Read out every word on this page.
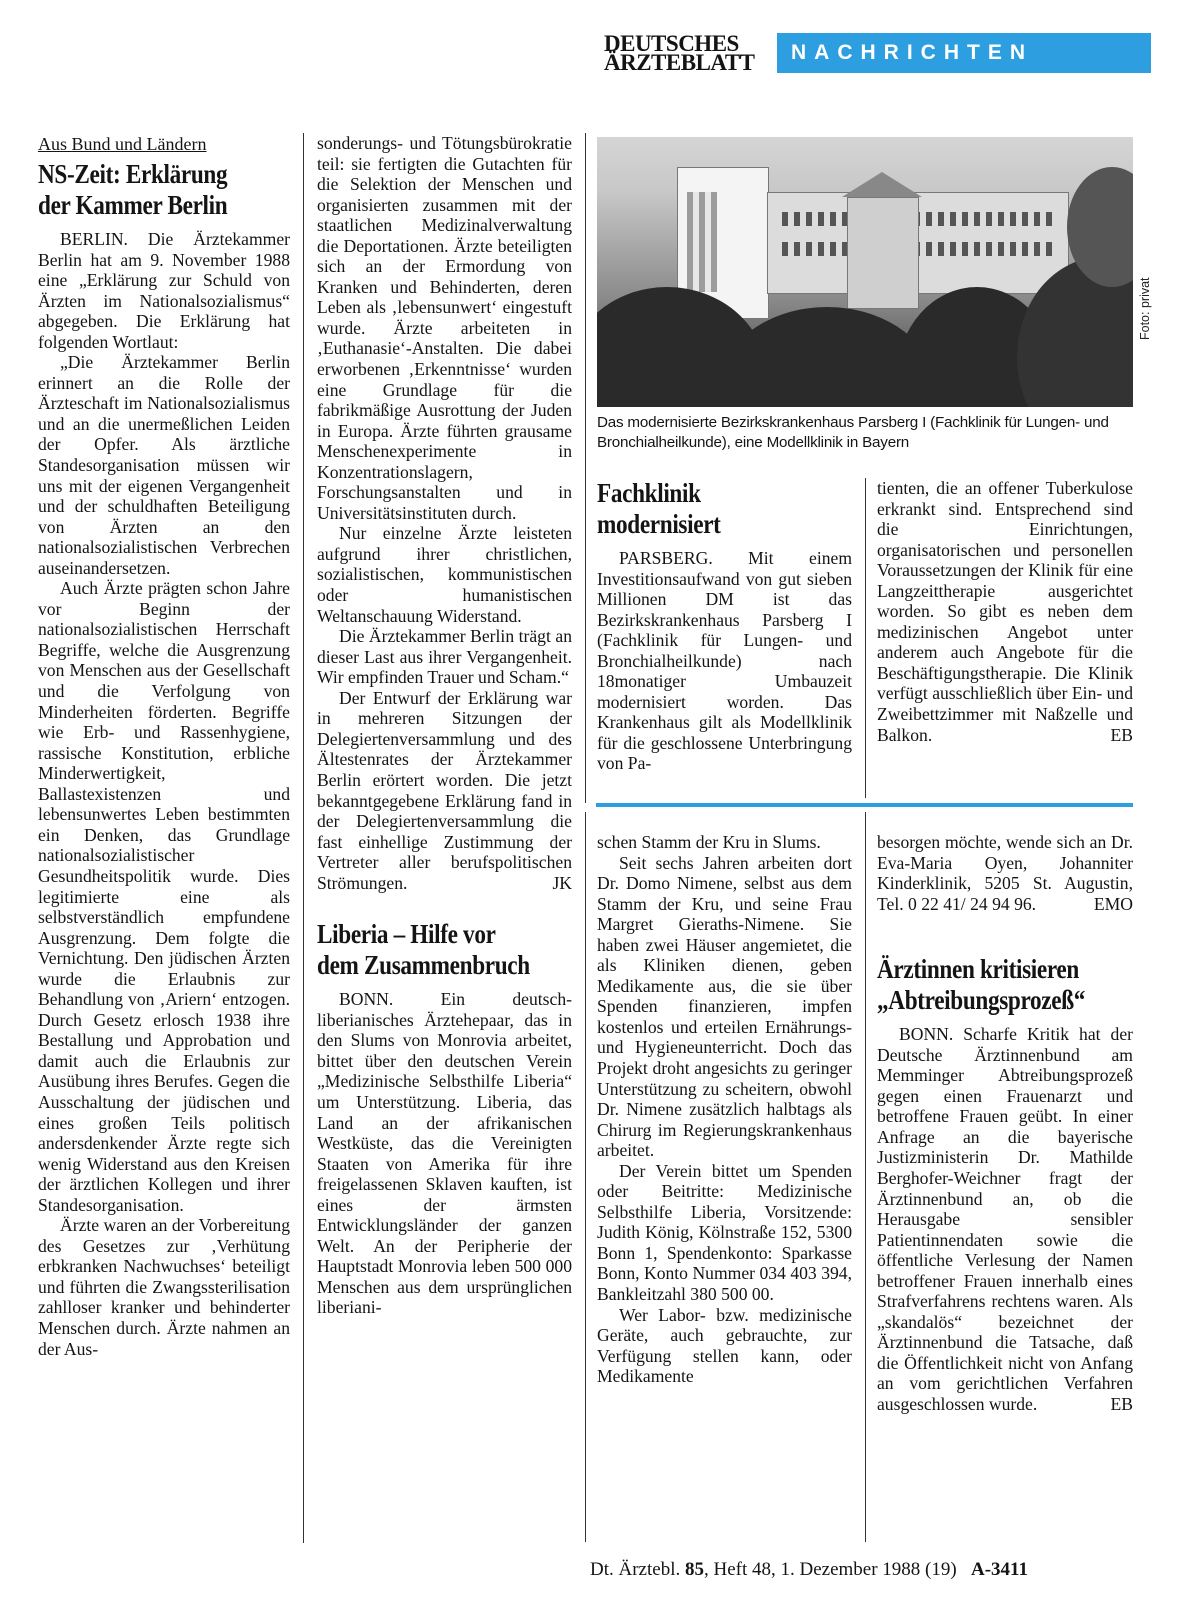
DEUTSCHES
ÄRZTEBLATT	NACHRICHTEN
Aus Bund und Ländern
NS-Zeit: Erklärung
der Kammer Berlin

BERLIN. Die Ärztekammer Berlin hat am 9. November 1988 eine „Erklärung zur Schuld von Ärzten im Nationalsozialismus“ abgegeben. Die Erklärung hat folgenden Wortlaut:

„Die Ärztekammer Berlin erinnert an die Rolle der Ärzteschaft im Nationalsozialismus und an die unermeßlichen Leiden der Opfer. Als ärztliche Standesorganisation müssen wir uns mit der eigenen Vergangenheit und der schuldhaften Beteiligung von Ärzten an den nationalsozialistischen Verbrechen auseinandersetzen.

Auch Ärzte prägten schon Jahre vor Beginn der nationalsozialistischen Herrschaft Begriffe, welche die Ausgrenzung von Menschen aus der Gesellschaft und die Verfolgung von Minderheiten förderten. Begriffe wie Erb- und Rassenhygiene, rassische Konstitution, erbliche Minderwertigkeit, Ballastexistenzen und lebensunwertes Leben bestimmten ein Denken, das Grundlage nationalsozialistischer Gesundheitspolitik wurde. Dies legitimierte eine als selbstverständlich empfundene Ausgrenzung. Dem folgte die Vernichtung. Den jüdischen Ärzten wurde die Erlaubnis zur Behandlung von ‚Ariern‘ entzogen. Durch Gesetz erlosch 1938 ihre Bestallung und Approbation und damit auch die Erlaubnis zur Ausübung ihres Berufes. Gegen die Ausschaltung der jüdischen und eines großen Teils politisch andersdenkender Ärzte regte sich wenig Widerstand aus den Kreisen der ärztlichen Kollegen und ihrer Standesorganisation.

Ärzte waren an der Vorbereitung des Gesetzes zur ‚Verhütung erbkranken Nachwuchses‘ beteiligt und führten die Zwangssterilisation zahlloser kranker und behinderter Menschen durch. Ärzte nahmen an der Aus-

sonderungs- und Tötungsbürokratie teil: sie fertigten die Gutachten für die Selektion der Menschen und organisierten zusammen mit der staatlichen Medizinalverwaltung die Deportationen. Ärzte beteiligten sich an der Ermordung von Kranken und Behinderten, deren Leben als ‚lebensunwert‘ eingestuft wurde. Ärzte arbeiteten in ‚Euthanasie‘-Anstalten. Die dabei erworbenen ‚Erkenntnisse‘ wurden eine Grundlage für die fabrikmäßige Ausrottung der Juden in Europa. Ärzte führten grausame Menschenexperimente in Konzentrationslagern, Forschungsanstalten und in Universitätsinstituten durch.

Nur einzelne Ärzte leisteten aufgrund ihrer christlichen, sozialistischen, kommunistischen oder humanistischen Weltanschauung Widerstand.

Die Ärztekammer Berlin trägt an dieser Last aus ihrer Vergangenheit. Wir empfinden Trauer und Scham.“

Der Entwurf der Erklärung war in mehreren Sitzungen der Delegiertenversammlung und des Ältestenrates der Ärztekammer Berlin erörtert worden. Die jetzt bekanntgegebene Erklärung fand in der Delegiertenversammlung die fast einhellige Zustimmung der Vertreter aller berufspolitischen Strömungen.	JK

Liberia – Hilfe vor
dem Zusammenbruch

BONN. Ein deutsch-liberianisches Ärztehepaar, das in den Slums von Monrovia arbeitet, bittet über den deutschen Verein „Medizinische Selbsthilfe Liberia“ um Unterstützung. Liberia, das Land an der afrikanischen Westküste, das die Vereinigten Staaten von Amerika für ihre freigelassenen Sklaven kauften, ist eines der ärmsten Entwicklungsländer der ganzen Welt. An der Peripherie der Hauptstadt Monrovia leben 500 000 Menschen aus dem ursprünglichen liberiani-

Foto: privat
Das modernisierte Bezirkskrankenhaus Parsberg I (Fachklinik für Lungen- und Bronchialheilkunde), eine Modellklinik in Bayern
Fachklinik
modernisiert

PARSBERG. Mit einem Investitionsaufwand von gut sieben Millionen DM ist das Bezirkskrankenhaus Parsberg I (Fachklinik für Lungen- und Bronchialheilkunde) nach 18monatiger Umbauzeit modernisiert worden. Das Krankenhaus gilt als Modellklinik für die geschlossene Unterbringung von Pa-

tienten, die an offener Tuberkulose erkrankt sind. Entsprechend sind die Einrichtungen, organisatorischen und personellen Voraussetzungen der Klinik für eine Langzeittherapie ausgerichtet worden. So gibt es neben dem medizinischen Angebot unter anderem auch Angebote für die Beschäftigungstherapie. Die Klinik verfügt ausschließlich über Ein- und Zweibettzimmer mit Naßzelle und Balkon.	EB

schen Stamm der Kru in Slums.

Seit sechs Jahren arbeiten dort Dr. Domo Nimene, selbst aus dem Stamm der Kru, und seine Frau Margret Gieraths-Nimene. Sie haben zwei Häuser angemietet, die als Kliniken dienen, geben Medikamente aus, die sie über Spenden finanzieren, impfen kostenlos und erteilen Ernährungs- und Hygieneunterricht. Doch das Projekt droht angesichts zu geringer Unterstützung zu scheitern, obwohl Dr. Nimene zusätzlich halbtags als Chirurg im Regierungskrankenhaus arbeitet.

Der Verein bittet um Spenden oder Beitritte: Medizinische Selbsthilfe Liberia, Vorsitzende: Judith König, Kölnstraße 152, 5300 Bonn 1, Spendenkonto: Sparkasse Bonn, Konto Nummer 034 403 394, Bankleitzahl 380 500 00.

Wer Labor- bzw. medizinische Geräte, auch gebrauchte, zur Verfügung stellen kann, oder Medikamente

besorgen möchte, wende sich an Dr. Eva-Maria Oyen, Johanniter Kinderklinik, 5205 St. Augustin, Tel. 0 22 41/ 24 94 96.	EMO

Ärztinnen kritisieren
„Abtreibungsprozeß“

BONN. Scharfe Kritik hat der Deutsche Ärztinnenbund am Memminger Abtreibungsprozeß gegen einen Frauenarzt und betroffene Frauen geübt. In einer Anfrage an die bayerische Justizministerin Dr. Mathilde Berghofer-Weichner fragt der Ärztinnenbund an, ob die Herausgabe sensibler Patientinnendaten sowie die öffentliche Verlesung der Namen betroffener Frauen innerhalb eines Strafverfahrens rechtens waren. Als „skandalös“ bezeichnet der Ärztinnenbund die Tatsache, daß die Öffentlichkeit nicht von Anfang an vom gerichtlichen Verfahren ausgeschlossen wurde.	EB

Dt. Ärztebl. 85, Heft 48, 1. Dezember 1988 (19) A-3411
